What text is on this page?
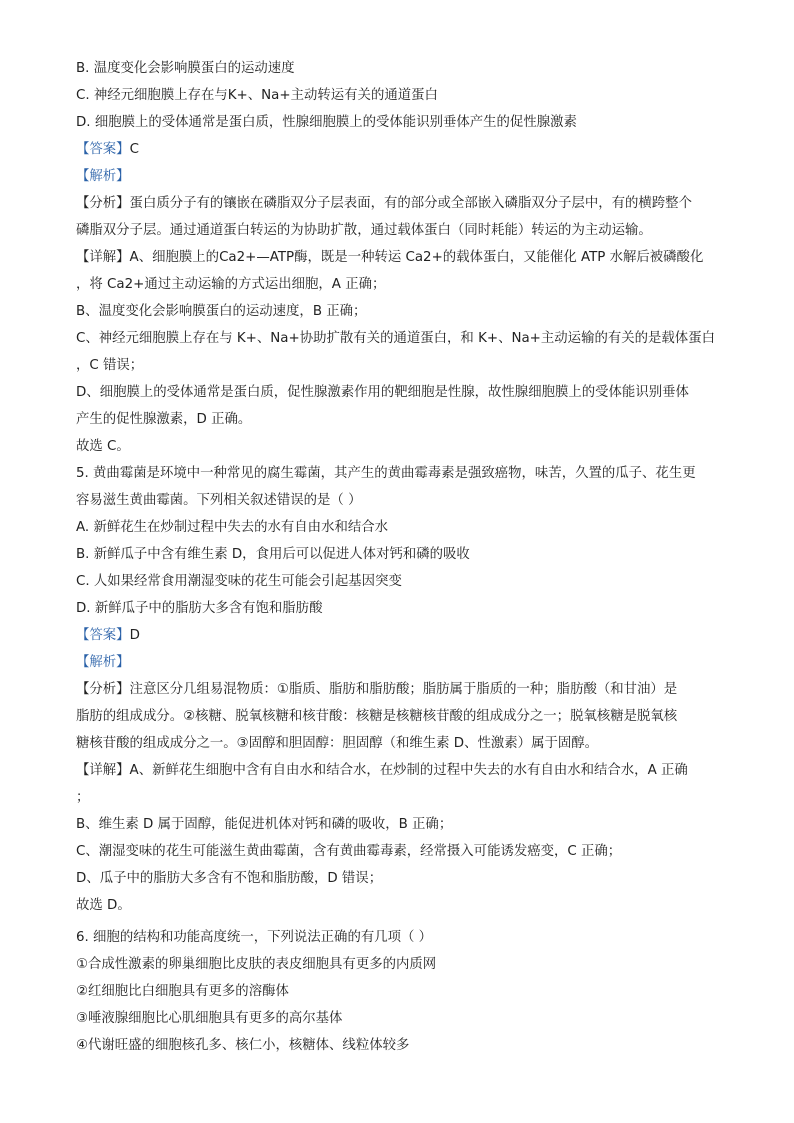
B. 温度变化会影响膜蛋白的运动速度
C. 神经元细胞膜上存在与K+、Na+主动转运有关的通道蛋白
D. 细胞膜上的受体通常是蛋白质，性腺细胞膜上的受体能识别垂体产生的促性腺激素
【答案】C
【解析】
【分析】蛋白质分子有的镶嵌在磷脂双分子层表面，有的部分或全部嵌入磷脂双分子层中，有的横跨整个
磷脂双分子层。通过通道蛋白转运的为协助扩散，通过载体蛋白（同时耗能）转运的为主动运输。
【详解】A、细胞膜上的Ca2+—ATP酶，既是一种转运 Ca2+的载体蛋白，又能催化 ATP 水解后被磷酸化
，将 Ca2+通过主动运输的方式运出细胞，A 正确；
B、温度变化会影响膜蛋白的运动速度，B 正确；
C、神经元细胞膜上存在与 K+、Na+协助扩散有关的通道蛋白，和 K+、Na+主动运输的有关的是载体蛋白
，C 错误；
D、细胞膜上的受体通常是蛋白质，促性腺激素作用的靶细胞是性腺，故性腺细胞膜上的受体能识别垂体
产生的促性腺激素，D 正确。
故选 C。
5. 黄曲霉菌是环境中一种常见的腐生霉菌，其产生的黄曲霉毒素是强致癌物，味苦，久置的瓜子、花生更
容易滋生黄曲霉菌。下列相关叙述错误的是（ ）
A. 新鲜花生在炒制过程中失去的水有自由水和结合水
B. 新鲜瓜子中含有维生素 D，食用后可以促进人体对钙和磷的吸收
C. 人如果经常食用潮湿变味的花生可能会引起基因突变
D. 新鲜瓜子中的脂肪大多含有饱和脂肪酸
【答案】D
【解析】
【分析】注意区分几组易混物质：①脂质、脂肪和脂肪酸；脂肪属于脂质的一种；脂肪酸（和甘油）是
脂肪的组成成分。②核糖、脱氧核糖和核苷酸：核糖是核糖核苷酸的组成成分之一；脱氧核糖是脱氧核
糖核苷酸的组成成分之一。③固醇和胆固醇：胆固醇（和维生素 D、性激素）属于固醇。
【详解】A、新鲜花生细胞中含有自由水和结合水，在炒制的过程中失去的水有自由水和结合水，A 正确
；
B、维生素 D 属于固醇，能促进机体对钙和磷的吸收，B 正确；
C、潮湿变味的花生可能滋生黄曲霉菌，含有黄曲霉毒素，经常摄入可能诱发癌变，C 正确；
D、瓜子中的脂肪大多含有不饱和脂肪酸，D 错误；
故选 D。
6. 细胞的结构和功能高度统一，下列说法正确的有几项（ ）
①合成性激素的卵巢细胞比皮肤的表皮细胞具有更多的内质网
②红细胞比白细胞具有更多的溶酶体
③唾液腺细胞比心肌细胞具有更多的高尔基体
④代谢旺盛的细胞核孔多、核仁小，核糖体、线粒体较多
